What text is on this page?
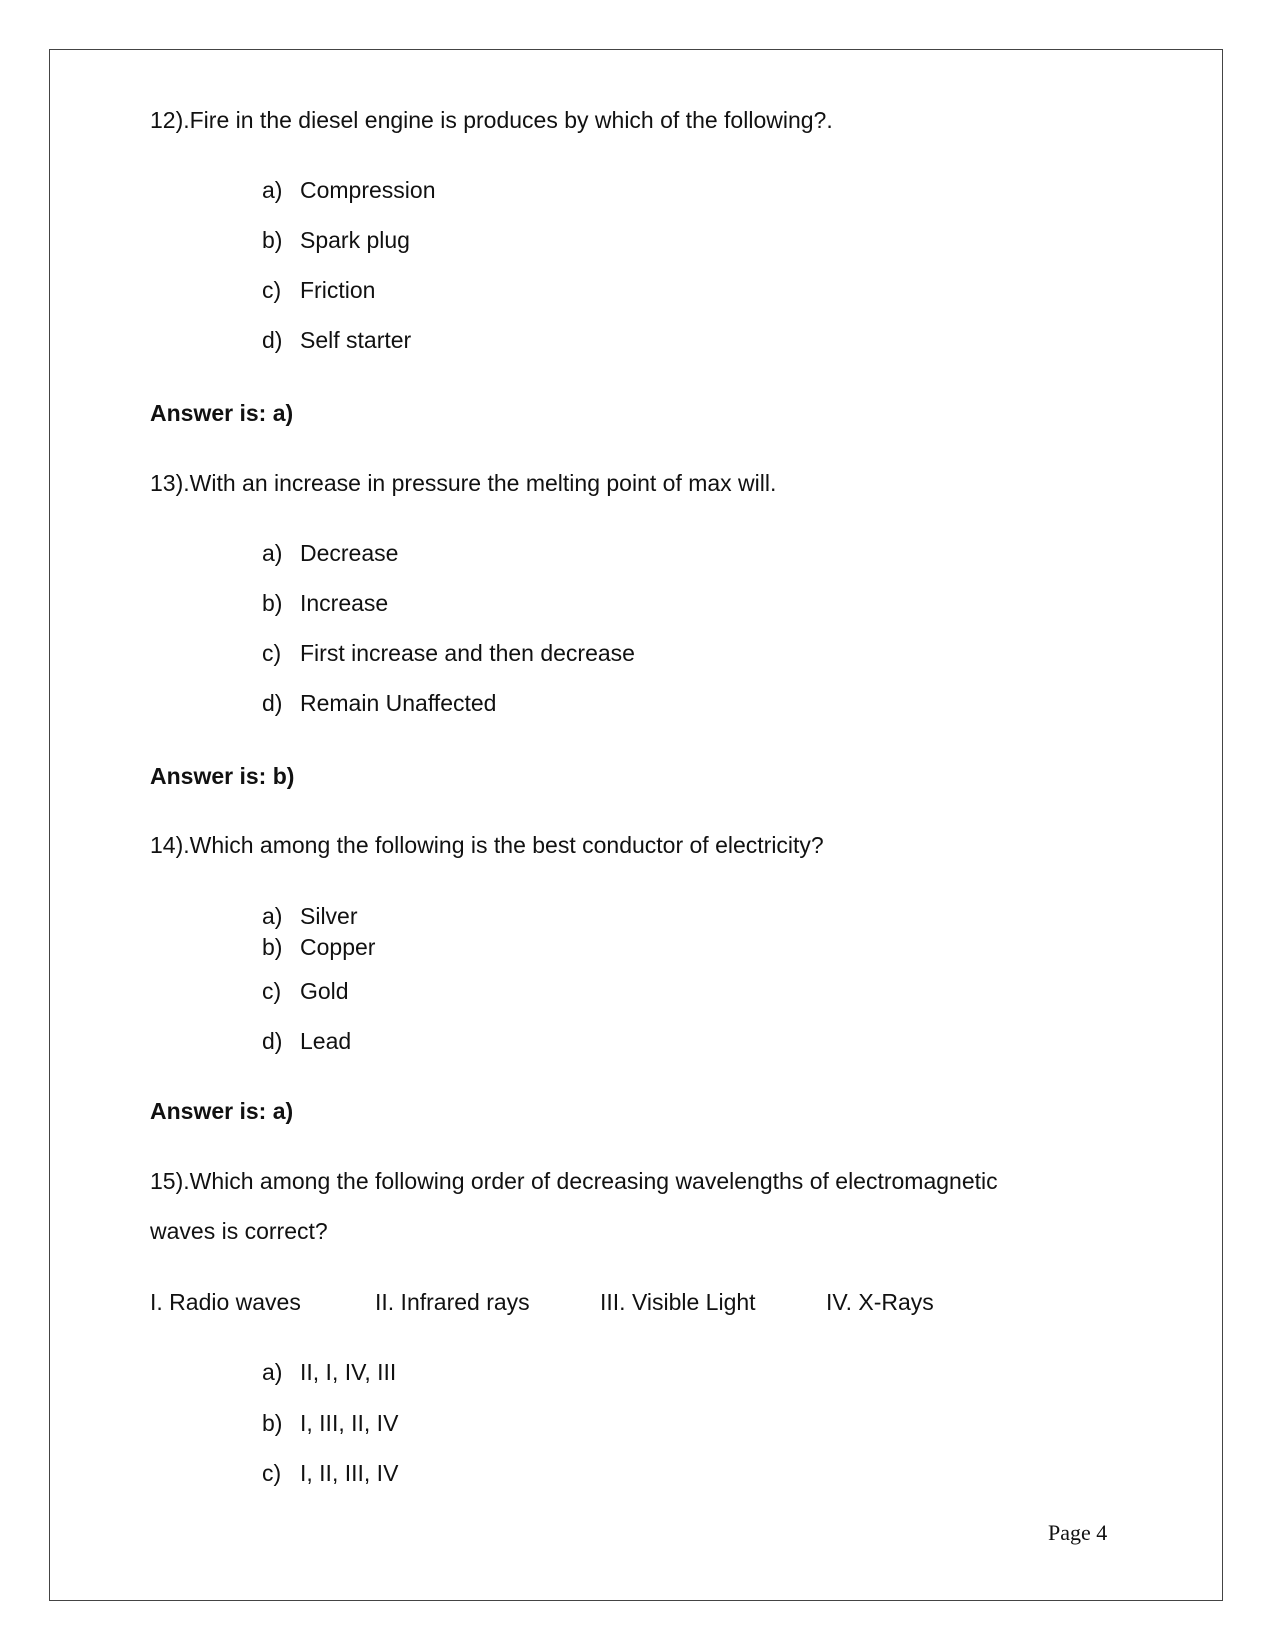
12).Fire in the diesel engine is produces by which of the following?.
a) Compression
b) Spark plug
c) Friction
d) Self starter
Answer is: a)
13).With an increase in pressure the melting point of max will.
a) Decrease
b) Increase
c) First increase and then decrease
d) Remain Unaffected
Answer is: b)
14).Which among the following is the best conductor of electricity?
a) Silver
b) Copper
c) Gold
d) Lead
Answer is: a)
15).Which among the following order of decreasing wavelengths of electromagnetic
waves is correct?
I. Radio waves	II. Infrared rays	III. Visible Light	IV. X-Rays
a) II, I, IV, III
b) I, III, II, IV
c) I, II, III, IV
Page 4
